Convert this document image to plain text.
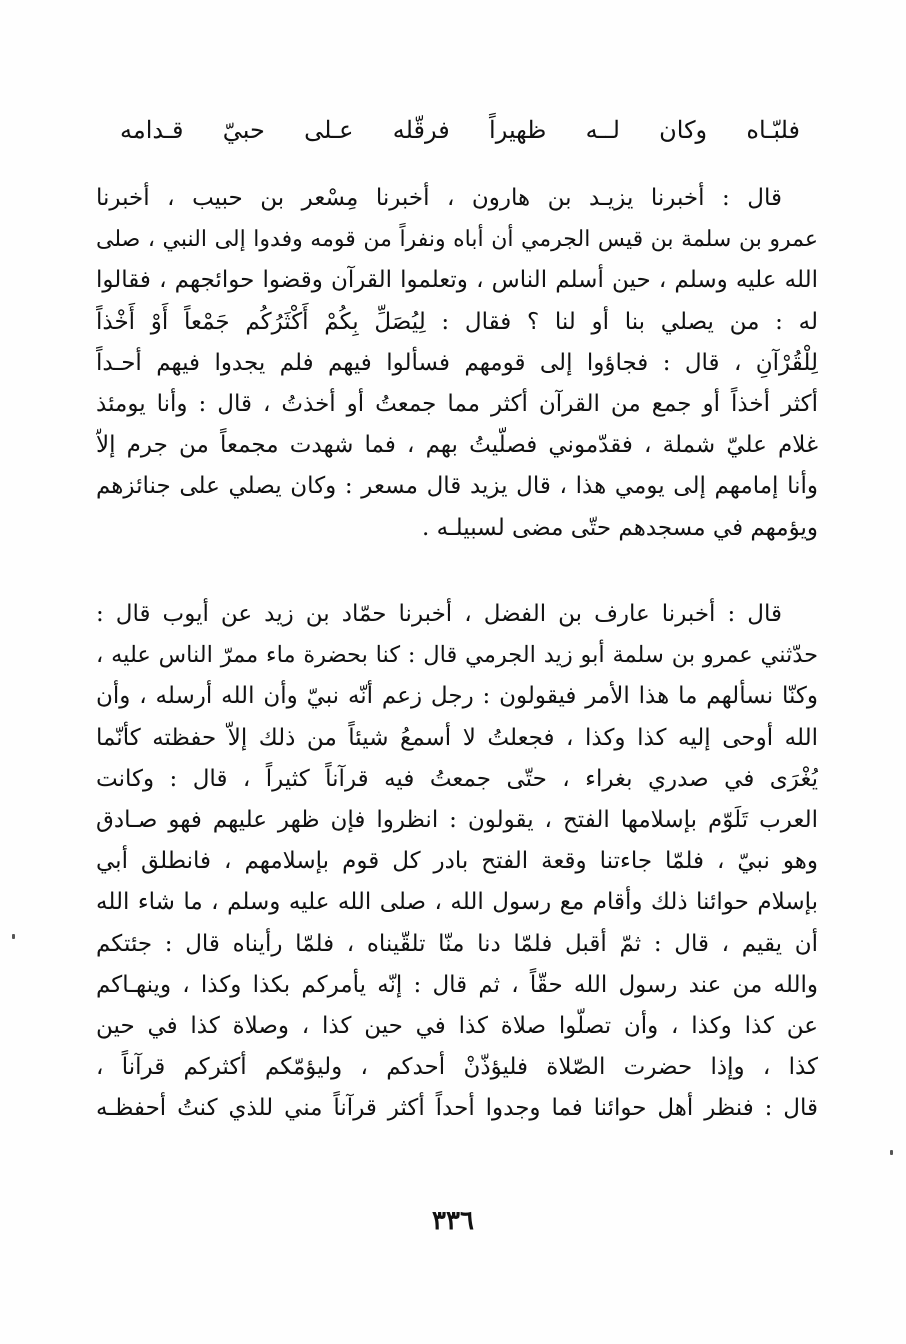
فلبّـاه وكان لــه ظهيراً فرقّله عـلى حبيّ قـدامه
قال : أخبرنا يزيـد بن هارون ، أخبرنا مِسْعر بن حبيب ، أخبرنا
عمرو بن سلمة بن قيس الجرمي أن أباه ونفراً من قومه وفدوا إلى النبي ، صلى
الله عليه وسلم ، حين أسلم الناس ، وتعلموا القرآن وقضوا حوائجهم ، فقالوا
له : من يصلي بنا أو لنا ؟ فقال : لِيُصَلِّ بِكُمْ أَكْثَرُكُم جَمْعاً أَوْ أَخْذاً
لِلْقُرْآنِ ، قال : فجاؤوا إلى قومهم فسألوا فيهم فلم يجدوا فيهم أحـداً
أكثر أخذاً أو جمع من القرآن أكثر مما جمعتُ أو أخذتُ ، قال : وأنا يومئذ
غلام عليّ شملة ، فقدّموني فصلّيتُ بهم ، فما شهدت مجمعاً من جرم إلاّ
وأنا إمامهم إلى يومي هذا ، قال يزيد قال مسعر : وكان يصلي على جنائزهم
ويؤمهم في مسجدهم حتّى مضى لسبيلـه .
قال : أخبرنا عارف بن الفضل ، أخبرنا حمّاد بن زيد عن أيوب قال :
حدّثني عمرو بن سلمة أبو زيد الجرمي قال : كنا بحضرة ماء ممرّ الناس عليه ،
وكنّا نسألهم ما هذا الأمر فيقولون : رجل زعم أنّه نبيّ وأن الله أرسله ، وأن
الله أوحى إليه كذا وكذا ، فجعلتُ لا أسمعُ شيئاً من ذلك إلاّ حفظته كأنّما
يُغْرَى في صدري بغراء ، حتّى جمعتُ فيه قرآناً كثيراً ، قال : وكانت
العرب تَلَوّم بإسلامها الفتح ، يقولون : انظروا فإن ظهر عليهم فهو صـادق
وهو نبيّ ، فلمّا جاءتنا وقعة الفتح بادر كل قوم بإسلامهم ، فانطلق أبي
بإسلام حوائنا ذلك وأقام مع رسول الله ، صلى الله عليه وسلم ، ما شاء الله
أن يقيم ، قال : ثمّ أقبل فلمّا دنا منّا تلقّيناه ، فلمّا رأيناه قال : جئتكم
والله من عند رسول الله حقّاً ، ثم قال : إنّه يأمركم بكذا وكذا ، وينهـاكم
عن كذا وكذا ، وأن تصلّوا صلاة كذا في حين كذا ، وصلاة كذا في حين
كذا ، وإذا حضرت الصّلاة فليؤذّنْ أحدكم ، وليؤمّكم أكثركم قرآناً ،
قال : فنظر أهل حوائنا فما وجدوا أحداً أكثر قرآناً مني للذي كنتُ أحفظـه
٣٣٦
